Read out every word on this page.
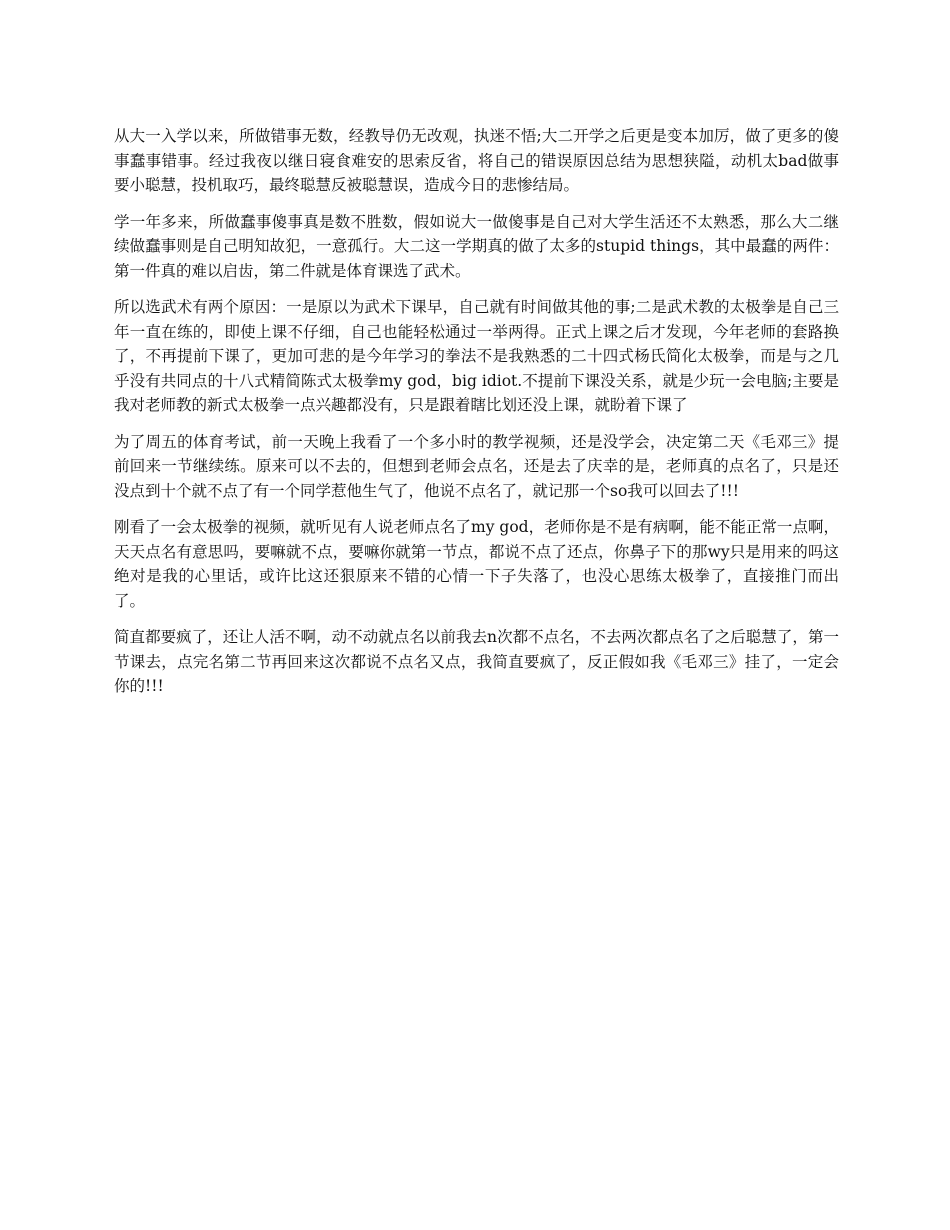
从大一入学以来，所做错事无数，经教导仍无改观，执迷不悟;大二开学之后更是变本加厉，做了更多的傻事蠢事错事。经过我夜以继日寝食难安的思索反省，将自己的错误原因总结为思想狭隘，动机太bad做事要小聪慧，投机取巧，最终聪慧反被聪慧误，造成今日的悲惨结局。

学一年多来，所做蠢事傻事真是数不胜数，假如说大一做傻事是自己对大学生活还不太熟悉，那么大二继续做蠢事则是自己明知故犯，一意孤行。大二这一学期真的做了太多的stupid things，其中最蠢的两件：第一件真的难以启齿，第二件就是体育课选了武术。

所以选武术有两个原因：一是原以为武术下课早，自己就有时间做其他的事;二是武术教的太极拳是自己三年一直在练的，即使上课不仔细，自己也能轻松通过一举两得。正式上课之后才发现，今年老师的套路换了，不再提前下课了，更加可悲的是今年学习的拳法不是我熟悉的二十四式杨氏简化太极拳，而是与之几乎没有共同点的十八式精简陈式太极拳my god，big idiot.不提前下课没关系，就是少玩一会电脑;主要是我对老师教的新式太极拳一点兴趣都没有，只是跟着瞎比划还没上课，就盼着下课了

为了周五的体育考试，前一天晚上我看了一个多小时的教学视频，还是没学会，决定第二天《毛邓三》提前回来一节继续练。原来可以不去的，但想到老师会点名，还是去了庆幸的是，老师真的点名了，只是还没点到十个就不点了有一个同学惹他生气了，他说不点名了，就记那一个so我可以回去了!!!

刚看了一会太极拳的视频，就听见有人说老师点名了my god，老师你是不是有病啊，能不能正常一点啊，天天点名有意思吗，要嘛就不点，要嘛你就第一节点，都说不点了还点，你鼻子下的那wy只是用来的吗这绝对是我的心里话，或许比这还狠原来不错的心情一下子失落了，也没心思练太极拳了，直接推门而出了。

简直都要疯了，还让人活不啊，动不动就点名以前我去n次都不点名，不去两次都点名了之后聪慧了，第一节课去，点完名第二节再回来这次都说不点名又点，我简直要疯了，反正假如我《毛邓三》挂了，一定会你的!!!
